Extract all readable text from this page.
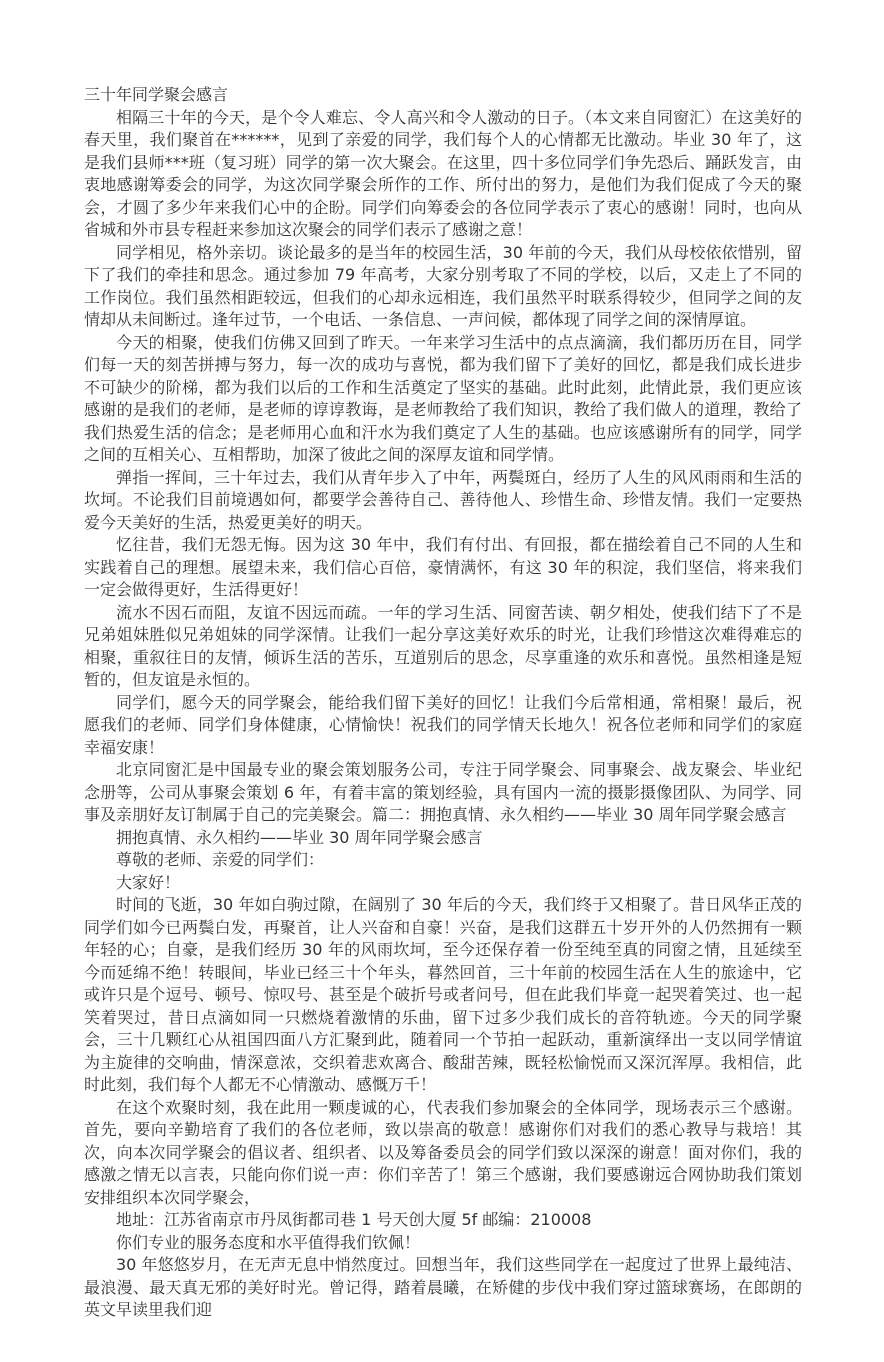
三十年同学聚会感言

相隔三十年的今天，是个令人难忘、令人高兴和令人激动的日子。（本文来自同窗汇）在这美好的春天里，我们聚首在******，见到了亲爱的同学，我们每个人的心情都无比激动。毕业 30 年了，这是我们县师***班（复习班）同学的第一次大聚会。在这里，四十多位同学们争先恐后、踊跃发言，由衷地感谢筹委会的同学，为这次同学聚会所作的工作、所付出的努力，是他们为我们促成了今天的聚会，才圆了多少年来我们心中的企盼。同学们向筹委会的各位同学表示了衷心的感谢！同时，也向从省城和外市县专程赶来参加这次聚会的同学们表示了感谢之意！

同学相见，格外亲切。谈论最多的是当年的校园生活，30 年前的今天，我们从母校依依惜别，留下了我们的牵挂和思念。通过参加 79 年高考，大家分别考取了不同的学校，以后，又走上了不同的工作岗位。我们虽然相距较远，但我们的心却永远相连，我们虽然平时联系得较少，但同学之间的友情却从未间断过。逢年过节，一个电话、一条信息、一声问候，都体现了同学之间的深情厚谊。

今天的相聚，使我们仿佛又回到了昨天。一年来学习生活中的点点滴滴，我们都历历在目，同学们每一天的刻苦拼搏与努力，每一次的成功与喜悦，都为我们留下了美好的回忆，都是我们成长进步不可缺少的阶梯，都为我们以后的工作和生活奠定了坚实的基础。此时此刻，此情此景，我们更应该感谢的是我们的老师，是老师的谆谆教诲，是老师教给了我们知识，教给了我们做人的道理，教给了我们热爱生活的信念；是老师用心血和汗水为我们奠定了人生的基础。也应该感谢所有的同学，同学之间的互相关心、互相帮助，加深了彼此之间的深厚友谊和同学情。

弹指一挥间，三十年过去，我们从青年步入了中年，两鬓斑白，经历了人生的风风雨雨和生活的坎坷。不论我们目前境遇如何，都要学会善待自己、善待他人、珍惜生命、珍惜友情。我们一定要热爱今天美好的生活，热爱更美好的明天。

忆往昔，我们无怨无悔。因为这 30 年中，我们有付出、有回报，都在描绘着自己不同的人生和实践着自己的理想。展望未来，我们信心百倍，豪情满怀，有这 30 年的积淀，我们坚信，将来我们一定会做得更好，生活得更好！

流水不因石而阻，友谊不因远而疏。一年的学习生活、同窗苦读、朝夕相处，使我们结下了不是兄弟姐妹胜似兄弟姐妹的同学深情。让我们一起分享这美好欢乐的时光，让我们珍惜这次难得难忘的相聚，重叙往日的友情，倾诉生活的苦乐，互道别后的思念，尽享重逢的欢乐和喜悦。虽然相逢是短暂的，但友谊是永恒的。

同学们，愿今天的同学聚会，能给我们留下美好的回忆！让我们今后常相通，常相聚！最后，祝愿我们的老师、同学们身体健康，心情愉快！祝我们的同学情天长地久！祝各位老师和同学们的家庭幸福安康！

北京同窗汇是中国最专业的聚会策划服务公司，专注于同学聚会、同事聚会、战友聚会、毕业纪念册等，公司从事聚会策划 6 年，有着丰富的策划经验，具有国内一流的摄影摄像团队、为同学、同事及亲朋好友订制属于自己的完美聚会。篇二：拥抱真情、永久相约——毕业 30 周年同学聚会感言

拥抱真情、永久相约——毕业 30 周年同学聚会感言

尊敬的老师、亲爱的同学们：

大家好！

时间的飞逝，30 年如白驹过隙，在阔别了 30 年后的今天，我们终于又相聚了。昔日风华正茂的同学们如今已两鬓白发，再聚首，让人兴奋和自豪！兴奋，是我们这群五十岁开外的人仍然拥有一颗年轻的心；自豪，是我们经历 30 年的风雨坎坷，至今还保存着一份至纯至真的同窗之情，且延续至今而延绵不绝！转眼间，毕业已经三十个年头，暮然回首，三十年前的校园生活在人生的旅途中，它或许只是个逗号、顿号、惊叹号、甚至是个破折号或者问号，但在此我们毕竟一起哭着笑过、也一起笑着哭过，昔日点滴如同一只燃烧着激情的乐曲，留下过多少我们成长的音符轨迹。今天的同学聚会，三十几颗红心从祖国四面八方汇聚到此，随着同一个节拍一起跃动，重新演绎出一支以同学情谊为主旋律的交响曲，情深意浓，交织着悲欢离合、酸甜苦辣，既轻松愉悦而又深沉浑厚。我相信，此时此刻，我们每个人都无不心情激动、感慨万千！

在这个欢聚时刻，我在此用一颗虔诚的心，代表我们参加聚会的全体同学，现场表示三个感谢。首先，要向辛勤培育了我们的各位老师，致以崇高的敬意！感谢你们对我们的悉心教导与栽培！其次，向本次同学聚会的倡议者、组织者、以及筹备委员会的同学们致以深深的谢意！面对你们，我的感激之情无以言表，只能向你们说一声：你们辛苦了！第三个感谢，我们要感谢远合网协助我们策划安排组织本次同学聚会，

地址：江苏省南京市丹凤街都司巷 1 号天创大厦 5f 邮编：210008

你们专业的服务态度和水平值得我们钦佩！

30 年悠悠岁月，在无声无息中悄然度过。回想当年，我们这些同学在一起度过了世界上最纯洁、最浪漫、最天真无邪的美好时光。曾记得，踏着晨曦，在矫健的步伐中我们穿过篮球赛场，在郎朗的英文早读里我们迎
